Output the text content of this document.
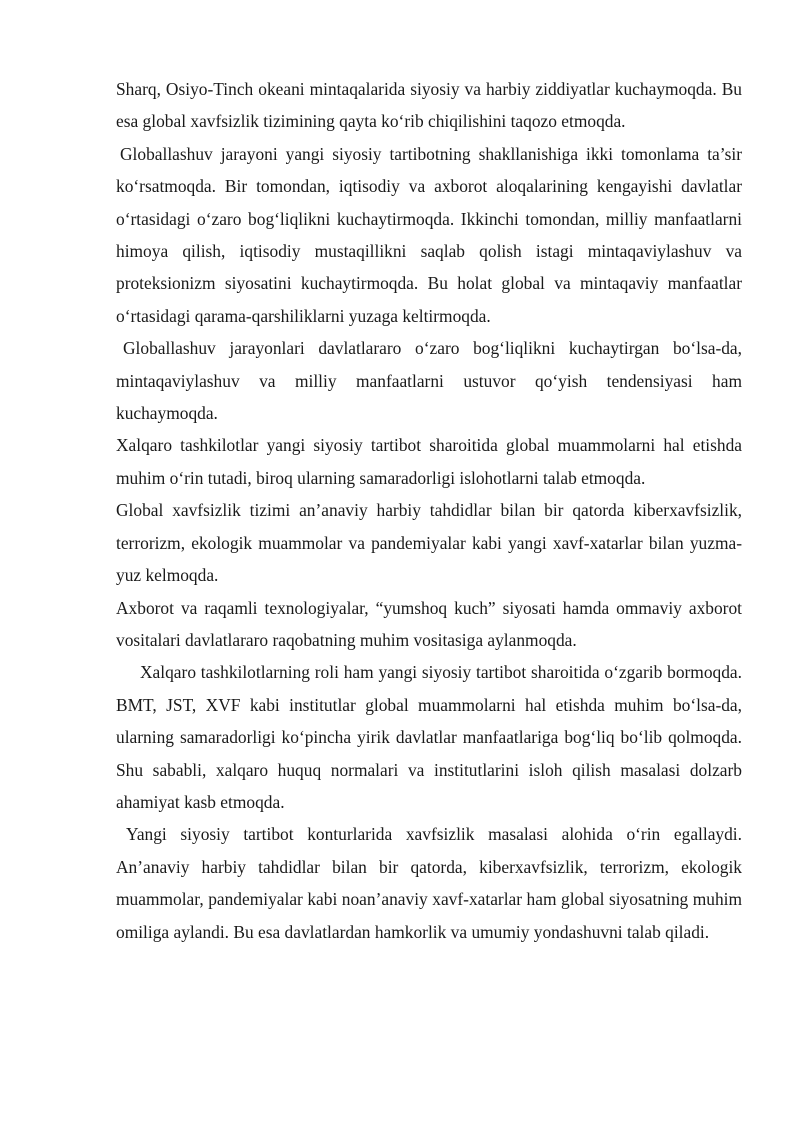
Sharq, Osiyo-Tinch okeani mintaqalarida siyosiy va harbiy ziddiyatlar kuchaymoqda. Bu esa global xavfsizlik tizimining qayta ko‘rib chiqilishini taqozo etmoqda.

Globallashuv jarayoni yangi siyosiy tartibotning shakllanishiga ikki tomonlama ta’sir ko‘rsatmoqda. Bir tomondan, iqtisodiy va axborot aloqalarining kengayishi davlatlar o‘rtasidagi o‘zaro bog‘liqlikni kuchaytirmoqda. Ikkinchi tomondan, milliy manfaatlarni himoya qilish, iqtisodiy mustaqillikni saqlab qolish istagi mintaqaviylashuv va proteksionizm siyosatini kuchaytirmoqda. Bu holat global va mintaqaviy manfaatlar o‘rtasidagi qarama-qarshiliklarni yuzaga keltirmoqda.

Globallashuv jarayonlari davlatlararo o‘zaro bog‘liqlikni kuchaytirgan bo‘lsa-da, mintaqaviylashuv va milliy manfaatlarni ustuvor qo‘yish tendensiyasi ham kuchaymoqda.

Xalqaro tashkilotlar yangi siyosiy tartibot sharoitida global muammolarni hal etishda muhim o‘rin tutadi, biroq ularning samaradorligi islohotlarni talab etmoqda.

Global xavfsizlik tizimi an’anaviy harbiy tahdidlar bilan bir qatorda kiberxavfsizlik, terrorizm, ekologik muammolar va pandemiyalar kabi yangi xavf-xatarlar bilan yuzma-yuz kelmoqda.

Axborot va raqamli texnologiyalar, “yumshoq kuch” siyosati hamda ommaviy axborot vositalari davlatlararo raqobatning muhim vositasiga aylanmoqda.

Xalqaro tashkilotlarning roli ham yangi siyosiy tartibot sharoitida o‘zgarib bormoqda. BMT, JST, XVF kabi institutlar global muammolarni hal etishda muhim bo‘lsa-da, ularning samaradorligi ko‘pincha yirik davlatlar manfaatlariga bog‘liq bo‘lib qolmoqda. Shu sababli, xalqaro huquq normalari va institutlarini isloh qilish masalasi dolzarb ahamiyat kasb etmoqda.

Yangi siyosiy tartibot konturlarida xavfsizlik masalasi alohida o‘rin egallaydi. An’anaviy harbiy tahdidlar bilan bir qatorda, kiberxavfsizlik, terrorizm, ekologik muammolar, pandemiyalar kabi noan’anaviy xavf-xatarlar ham global siyosatning muhim omiliga aylandi. Bu esa davlatlardan hamkorlik va umumiy yondashuvni talab qiladi.
